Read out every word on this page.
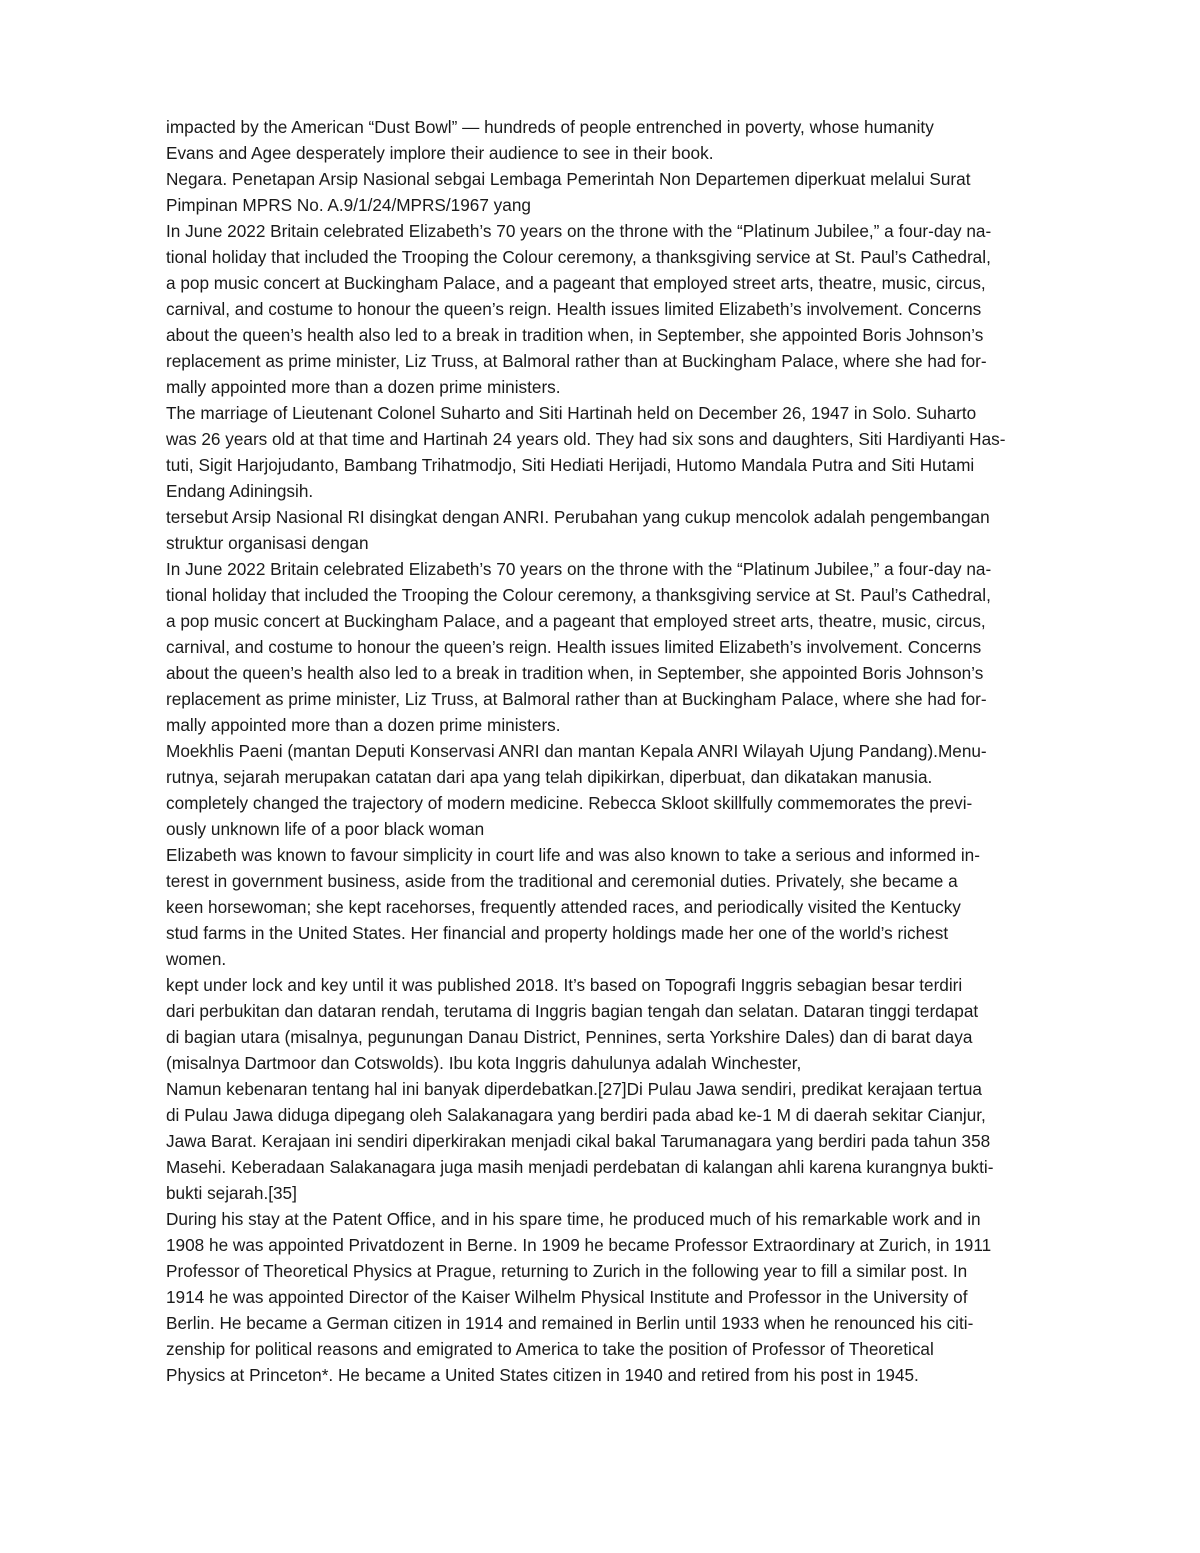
impacted by the American “Dust Bowl” — hundreds of people entrenched in poverty, whose humanity
Evans and Agee desperately implore their audience to see in their book.

Negara. Penetapan Arsip Nasional sebgai Lembaga Pemerintah Non Departemen diperkuat melalui Surat
Pimpinan MPRS No. A.9/1/24/MPRS/1967 yang

In June 2022 Britain celebrated Elizabeth’s 70 years on the throne with the “Platinum Jubilee,” a four-day na-
tional holiday that included the Trooping the Colour ceremony, a thanksgiving service at St. Paul’s Cathedral,
a pop music concert at Buckingham Palace, and a pageant that employed street arts, theatre, music, circus,
carnival, and costume to honour the queen’s reign. Health issues limited Elizabeth’s involvement. Concerns
about the queen’s health also led to a break in tradition when, in September, she appointed Boris Johnson’s
replacement as prime minister, Liz Truss, at Balmoral rather than at Buckingham Palace, where she had for-
mally appointed more than a dozen prime ministers.

The marriage of Lieutenant Colonel Suharto and Siti Hartinah held on December 26, 1947 in Solo. Suharto
was 26 years old at that time and Hartinah 24 years old. They had six sons and daughters, Siti Hardiyanti Has-
tuti, Sigit Harjojudanto, Bambang Trihatmodjo, Siti Hediati Herijadi, Hutomo Mandala Putra and Siti Hutami
Endang Adiningsih.

tersebut Arsip Nasional RI disingkat dengan ANRI. Perubahan yang cukup mencolok adalah pengembangan
struktur organisasi dengan

In June 2022 Britain celebrated Elizabeth’s 70 years on the throne with the “Platinum Jubilee,” a four-day na-
tional holiday that included the Trooping the Colour ceremony, a thanksgiving service at St. Paul’s Cathedral,
a pop music concert at Buckingham Palace, and a pageant that employed street arts, theatre, music, circus,
carnival, and costume to honour the queen’s reign. Health issues limited Elizabeth’s involvement. Concerns
about the queen’s health also led to a break in tradition when, in September, she appointed Boris Johnson’s
replacement as prime minister, Liz Truss, at Balmoral rather than at Buckingham Palace, where she had for-
mally appointed more than a dozen prime ministers.

Moekhlis Paeni (mantan Deputi Konservasi ANRI dan mantan Kepala ANRI Wilayah Ujung Pandang).Menu-
rutnya, sejarah merupakan catatan dari apa yang telah dipikirkan, diperbuat, dan dikatakan manusia.

completely changed the trajectory of modern medicine. Rebecca Skloot skillfully commemorates the previ-
ously unknown life of a poor black woman

Elizabeth was known to favour simplicity in court life and was also known to take a serious and informed in-
terest in government business, aside from the traditional and ceremonial duties. Privately, she became a
keen horsewoman; she kept racehorses, frequently attended races, and periodically visited the Kentucky
stud farms in the United States. Her financial and property holdings made her one of the world’s richest
women.

kept under lock and key until it was published 2018. It’s based on Topografi Inggris sebagian besar terdiri
dari perbukitan dan dataran rendah, terutama di Inggris bagian tengah dan selatan. Dataran tinggi terdapat
di bagian utara (misalnya, pegunungan Danau District, Pennines, serta Yorkshire Dales) dan di barat daya
(misalnya Dartmoor dan Cotswolds). Ibu kota Inggris dahulunya adalah Winchester,

Namun kebenaran tentang hal ini banyak diperdebatkan.[27]Di Pulau Jawa sendiri, predikat kerajaan tertua
di Pulau Jawa diduga dipegang oleh Salakanagara yang berdiri pada abad ke-1 M di daerah sekitar Cianjur,
Jawa Barat. Kerajaan ini sendiri diperkirakan menjadi cikal bakal Tarumanagara yang berdiri pada tahun 358
Masehi. Keberadaan Salakanagara juga masih menjadi perdebatan di kalangan ahli karena kurangnya bukti-
bukti sejarah.[35]

During his stay at the Patent Office, and in his spare time, he produced much of his remarkable work and in
1908 he was appointed Privatdozent in Berne. In 1909 he became Professor Extraordinary at Zurich, in 1911
Professor of Theoretical Physics at Prague, returning to Zurich in the following year to fill a similar post. In
1914 he was appointed Director of the Kaiser Wilhelm Physical Institute and Professor in the University of
Berlin. He became a German citizen in 1914 and remained in Berlin until 1933 when he renounced his citi-
zenship for political reasons and emigrated to America to take the position of Professor of Theoretical
Physics at Princeton*. He became a United States citizen in 1940 and retired from his post in 1945.
